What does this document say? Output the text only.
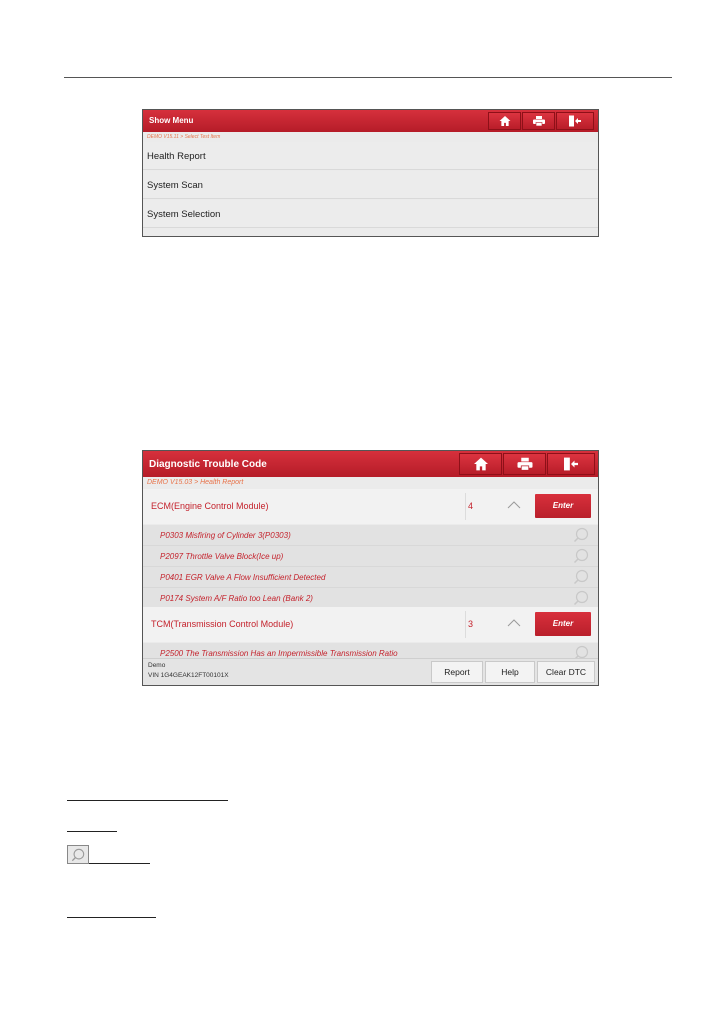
Show Menu
DEMO V15.11 > Select Test Item
Health Report
System Scan
System Selection
Diagnostic Trouble Code
DEMO V15.03 > Health Report
ECM(Engine Control Module)	4	Enter
P0303 Misfiring of Cylinder 3(P0303)
P2097 Throttle Valve Block(Ice up)
P0401 EGR Valve A Flow Insufficient Detected
P0174 System A/F Ratio too Lean (Bank 2)
TCM(Transmission Control Module)	3	Enter
P2500 The Transmission Has an Impermissible Transmission Ratio
Demo
VIN 1G4GEAK12FT00101X	Report	Help	Clear DTC
